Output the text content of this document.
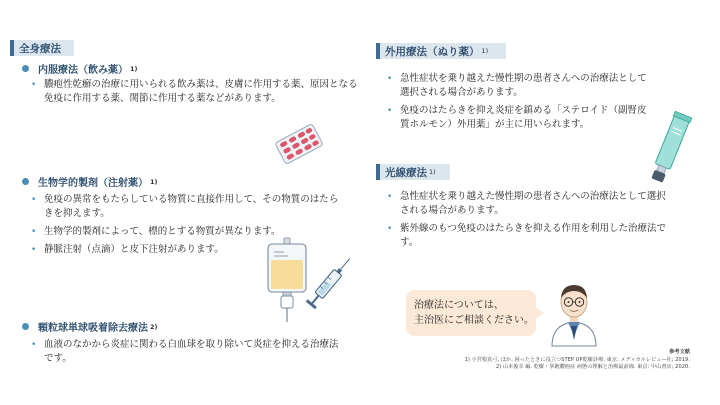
全身療法
内服療法（飲み薬） 1)
• 膿疱性乾癬の治療に用いられる飲み薬は、皮膚に作用する薬、原因となる免疫に作用する薬、関節に作用する薬などがあります。
生物学的製剤（注射薬） 1)
• 免疫の異常をもたらしている物質に直接作用して、その物質のはたらきを抑えます。
• 生物学的製剤によって、標的とする物質が異なります。
• 静脈注射（点滴）と皮下注射があります。
顆粒球単球吸着除去療法 2)
• 血液のなかから炎症に関わる白血球を取り除いて炎症を抑える治療法です。
外用療法（ぬり薬） 1)
• 急性症状を乗り越えた慢性期の患者さんへの治療法として選択される場合があります。
• 免疫のはたらきを抑え炎症を鎮める「ステロイド（副腎皮質ホルモン）外用薬」が主に用いられます。
光線療法 1)
• 急性症状を乗り越えた慢性期の患者さんへの治療法として選択される場合があります。
• 紫外線のもつ免疫のはたらきを抑える作用を利用した治療法です。
治療法については、
主治医にご相談ください。
参考文献
1) 小宮根真弓, ほか. 困ったときに役立つSTEP UP乾癬診療. 東京: メディカルレビュー社; 2019.
2) 山本俊幸 編. 乾癬・掌蹠膿疱症 病態の理解と治療最前線. 東京: 中山書店; 2020.
